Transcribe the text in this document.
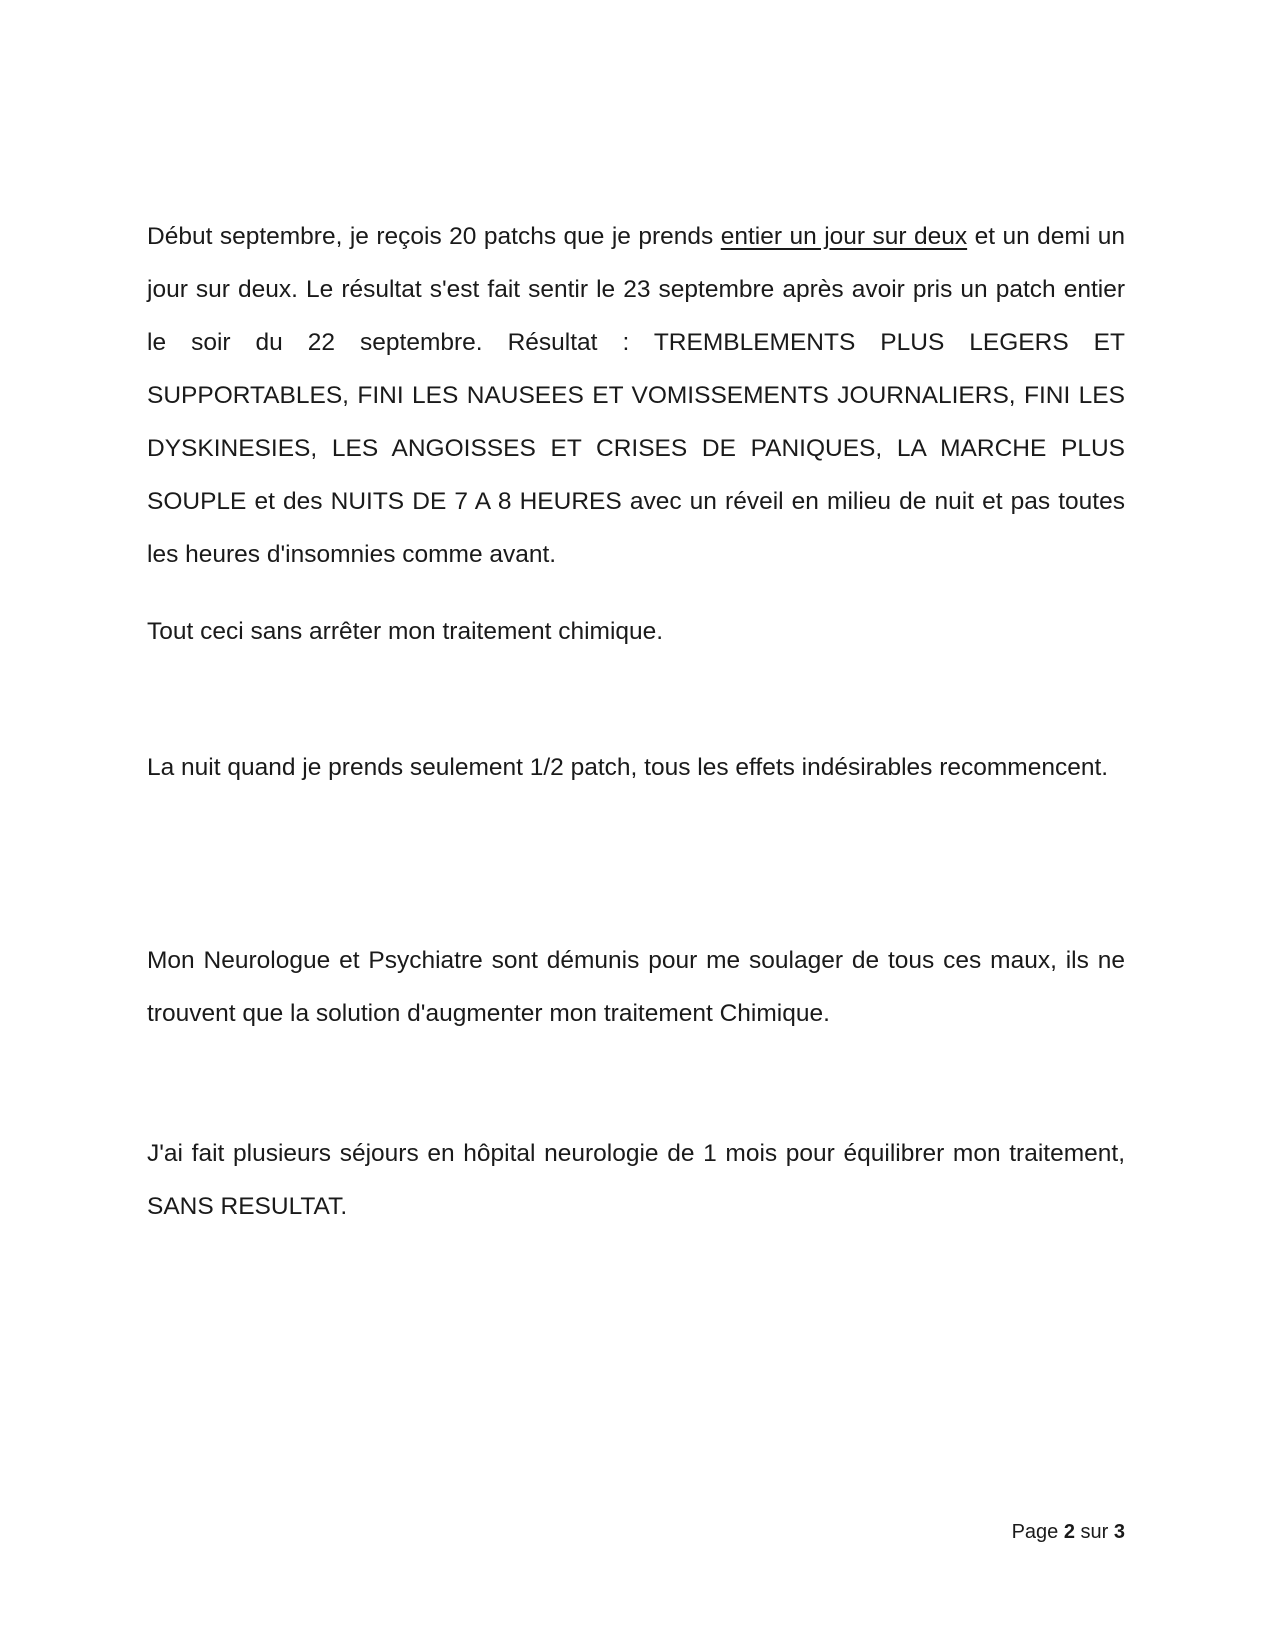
Début septembre, je reçois 20 patchs que je prends entier un jour sur deux et un demi un jour sur deux. Le résultat s'est fait sentir le 23 septembre après avoir pris un patch entier le soir du 22 septembre. Résultat : TREMBLEMENTS PLUS LEGERS ET SUPPORTABLES, FINI LES NAUSEES ET VOMISSEMENTS JOURNALIERS, FINI LES DYSKINESIES, LES ANGOISSES ET CRISES DE PANIQUES, LA MARCHE PLUS SOUPLE et des NUITS DE 7 A 8 HEURES avec un réveil en milieu de nuit et pas toutes les heures d'insomnies comme avant.

Tout ceci sans arrêter mon traitement chimique.

La nuit quand je prends seulement 1/2 patch, tous les effets indésirables recommencent.

Mon Neurologue et Psychiatre sont démunis pour me soulager de tous ces maux, ils ne trouvent que la solution d'augmenter mon traitement Chimique.

J'ai fait plusieurs séjours en hôpital neurologie de 1 mois pour équilibrer mon traitement, SANS RESULTAT.

Page 2 sur 3
